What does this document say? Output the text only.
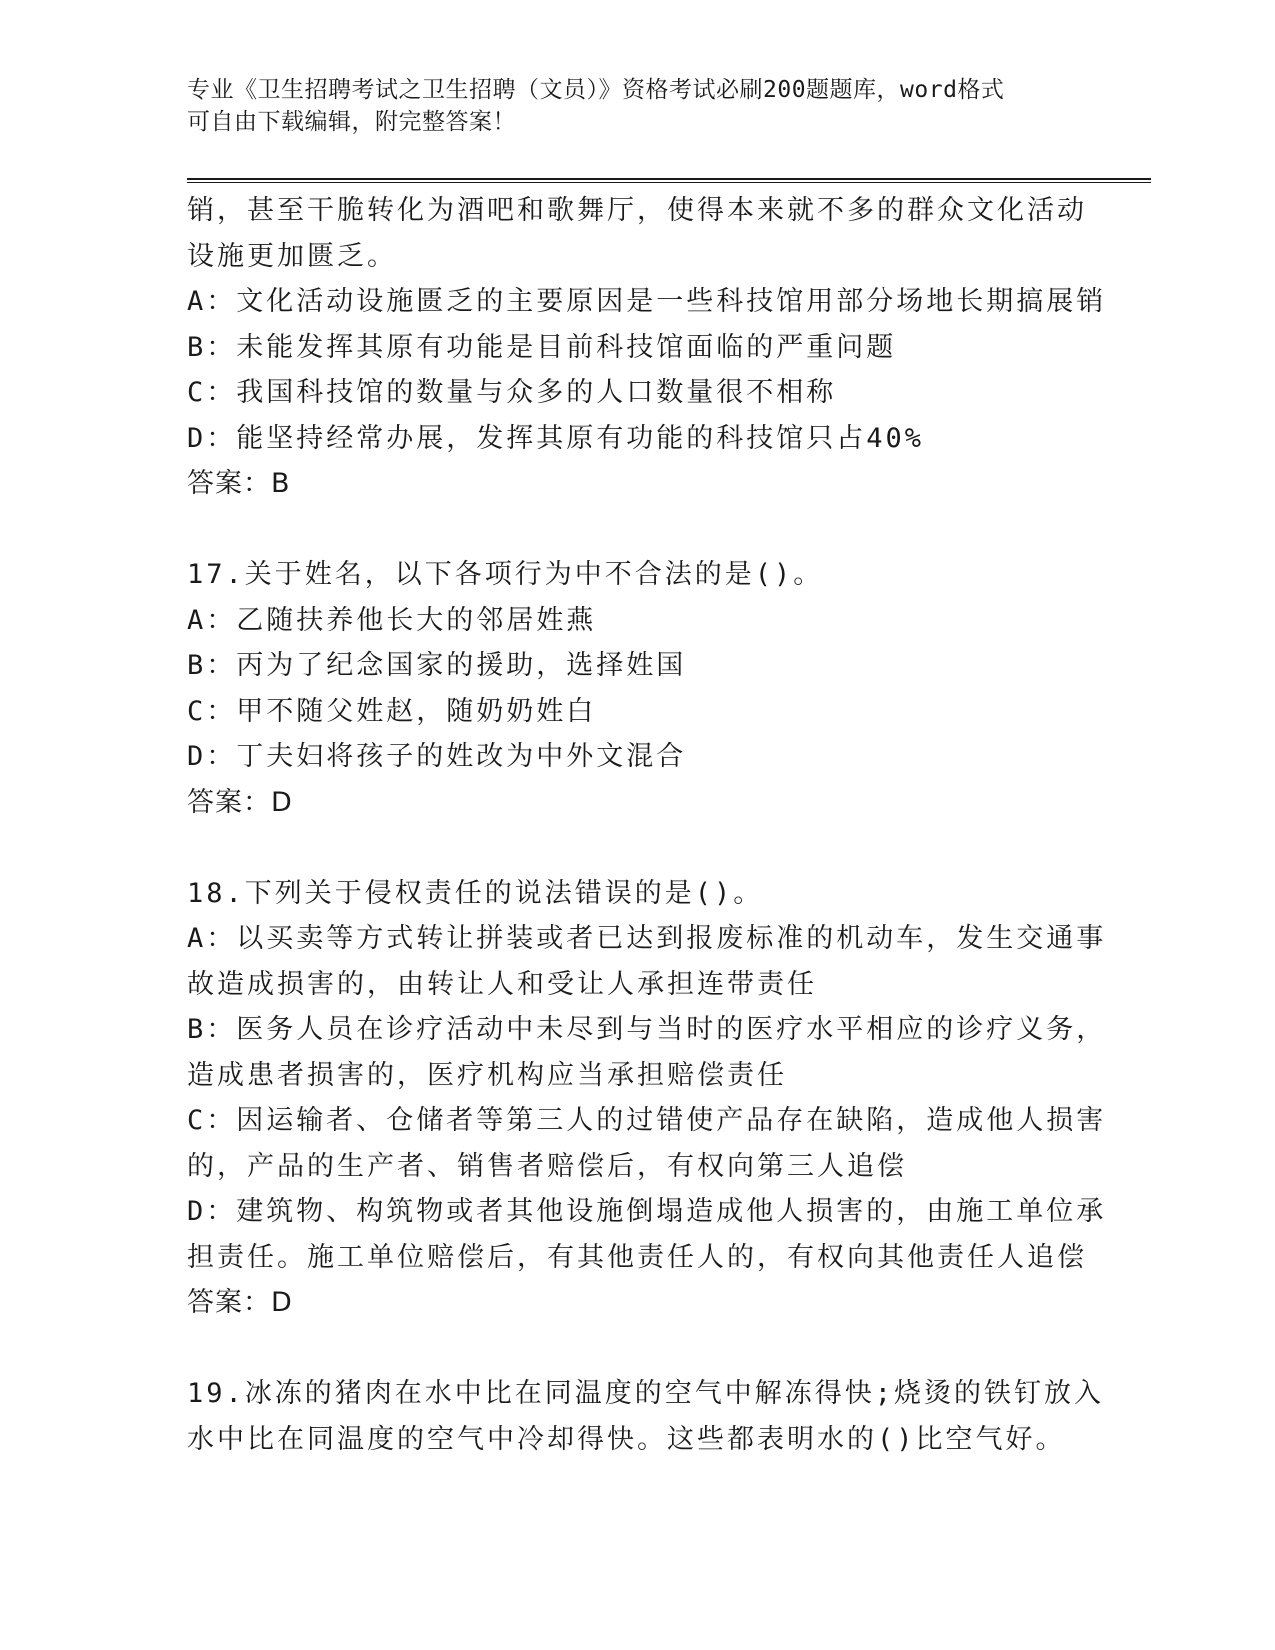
专业《卫生招聘考试之卫生招聘（文员）》资格考试必刷200题题库，word格式
可自由下载编辑，附完整答案！
销，甚至干脆转化为酒吧和歌舞厅，使得本来就不多的群众文化活动
设施更加匮乏。
A：文化活动设施匮乏的主要原因是一些科技馆用部分场地长期搞展销
B：未能发挥其原有功能是目前科技馆面临的严重问题
C：我国科技馆的数量与众多的人口数量很不相称
D：能坚持经常办展，发挥其原有功能的科技馆只占40%
答案：B
17.关于姓名，以下各项行为中不合法的是()。
A：乙随扶养他长大的邻居姓燕
B：丙为了纪念国家的援助，选择姓国
C：甲不随父姓赵，随奶奶姓白
D：丁夫妇将孩子的姓改为中外文混合
答案：D
18.下列关于侵权责任的说法错误的是()。
A：以买卖等方式转让拼装或者已达到报废标准的机动车，发生交通事
故造成损害的，由转让人和受让人承担连带责任
B：医务人员在诊疗活动中未尽到与当时的医疗水平相应的诊疗义务，
造成患者损害的，医疗机构应当承担赔偿责任
C：因运输者、仓储者等第三人的过错使产品存在缺陷，造成他人损害
的，产品的生产者、销售者赔偿后，有权向第三人追偿
D：建筑物、构筑物或者其他设施倒塌造成他人损害的，由施工单位承
担责任。施工单位赔偿后，有其他责任人的，有权向其他责任人追偿
答案：D
19.冰冻的猪肉在水中比在同温度的空气中解冻得快;烧烫的铁钉放入
水中比在同温度的空气中冷却得快。这些都表明水的()比空气好。
